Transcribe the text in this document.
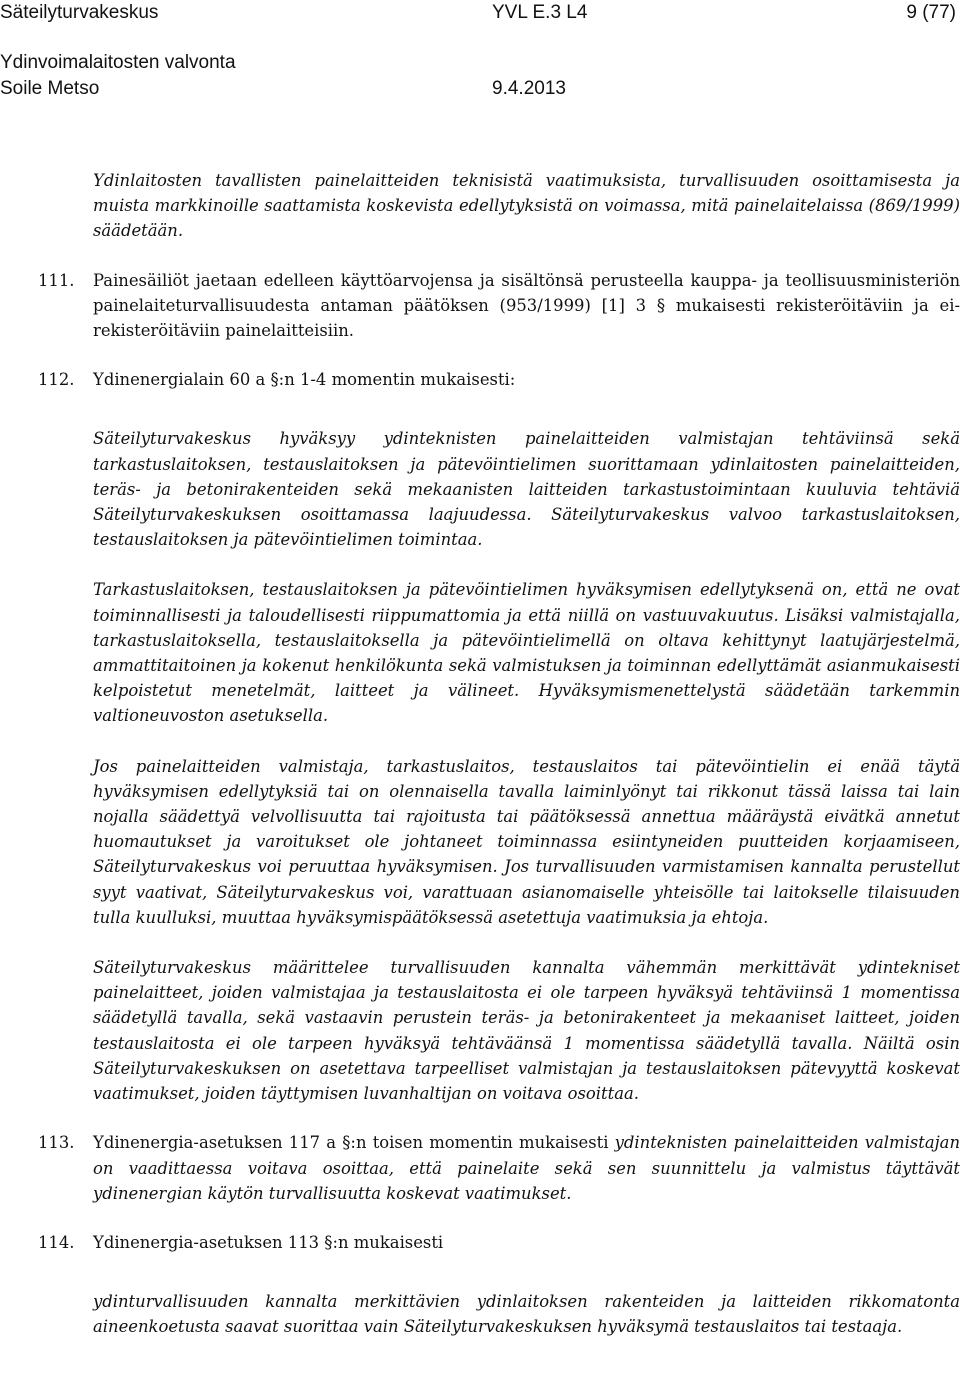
Säteilyturvakeskus	YVL E.3 L4	9 (77)
Ydinvoimalaitosten valvonta
Soile Metso	9.4.2013

Ydinlaitosten tavallisten painelaitteiden teknisistä vaatimuksista, turvallisuuden osoittamisesta ja muista markkinoille saattamista koskevista edellytyksistä on voimassa, mitä painelaitelaissa (869/1999) säädetään.

111. Painesäiliöt jaetaan edelleen käyttöarvojensa ja sisältönsä perusteella kauppa- ja teollisuusministeriön painelaiteturvallisuudesta antaman päätöksen (953/1999) [1] 3 § mukaisesti rekisteröitäviin ja ei-rekisteröitäviin painelaitteisiin.
112. Ydinenergialain 60 a §:n 1-4 momentin mukaisesti:

Säteilyturvakeskus hyväksyy ydinteknisten painelaitteiden valmistajan tehtäviinsä sekä tarkastuslaitoksen, testauslaitoksen ja pätevöintielimen suorittamaan ydinlaitosten painelaitteiden, teräs- ja betonirakenteiden sekä mekaanisten laitteiden tarkastustoimintaan kuuluvia tehtäviä Säteilyturvakeskuksen osoittamassa laajuudessa. Säteilyturvakeskus valvoo tarkastuslaitoksen, testauslaitoksen ja pätevöintielimen toimintaa.

Tarkastuslaitoksen, testauslaitoksen ja pätevöintielimen hyväksymisen edellytyksenä on, että ne ovat toiminnallisesti ja taloudellisesti riippumattomia ja että niillä on vastuuvakuutus. Lisäksi valmistajalla, tarkastuslaitoksella, testauslaitoksella ja pätevöintielimellä on oltava kehittynyt laatujärjestelmä, ammattitaitoinen ja kokenut henkilökunta sekä valmistuksen ja toiminnan edellyttämät asianmukaisesti kelpoistetut menetelmät, laitteet ja välineet. Hyväksymismenettelystä säädetään tarkemmin valtioneuvoston asetuksella.

Jos painelaitteiden valmistaja, tarkastuslaitos, testauslaitos tai pätevöintielin ei enää täytä hyväksymisen edellytyksiä tai on olennaisella tavalla laiminlyönyt tai rikkonut tässä laissa tai lain nojalla säädettyä velvollisuutta tai rajoitusta tai päätöksessä annettua määräystä eivätkä annetut huomautukset ja varoitukset ole johtaneet toiminnassa esiintyneiden puutteiden korjaamiseen, Säteilyturvakeskus voi peruuttaa hyväksymisen. Jos turvallisuuden varmistamisen kannalta perustellut syyt vaativat, Säteilyturvakeskus voi, varattuaan asianomaiselle yhteisölle tai laitokselle tilaisuuden tulla kuulluksi, muuttaa hyväksymispäätöksessä asetettuja vaatimuksia ja ehtoja.

Säteilyturvakeskus määrittelee turvallisuuden kannalta vähemmän merkittävät ydintekniset painelaitteet, joiden valmistajaa ja testauslaitosta ei ole tarpeen hyväksyä tehtäviinsä 1 momentissa säädetyllä tavalla, sekä vastaavin perustein teräs- ja betonirakenteet ja mekaaniset laitteet, joiden testauslaitosta ei ole tarpeen hyväksyä tehtäväänsä 1 momentissa säädetyllä tavalla. Näiltä osin Säteilyturvakeskuksen on asetettava tarpeelliset valmistajan ja testauslaitoksen pätevyyttä koskevat vaatimukset, joiden täyttymisen luvanhaltijan on voitava osoittaa.

113. Ydinenergia-asetuksen 117 a §:n toisen momentin mukaisesti ydinteknisten painelaitteiden valmistajan on vaadittaessa voitava osoittaa, että painelaite sekä sen suunnittelu ja valmistus täyttävät ydinenergian käytön turvallisuutta koskevat vaatimukset.
114. Ydinenergia-asetuksen 113 §:n mukaisesti

ydinturvallisuuden kannalta merkittävien ydinlaitoksen rakenteiden ja laitteiden rikkomatonta aineenkoetusta saavat suorittaa vain Säteilyturvakeskuksen hyväksymä testauslaitos tai testaaja.
